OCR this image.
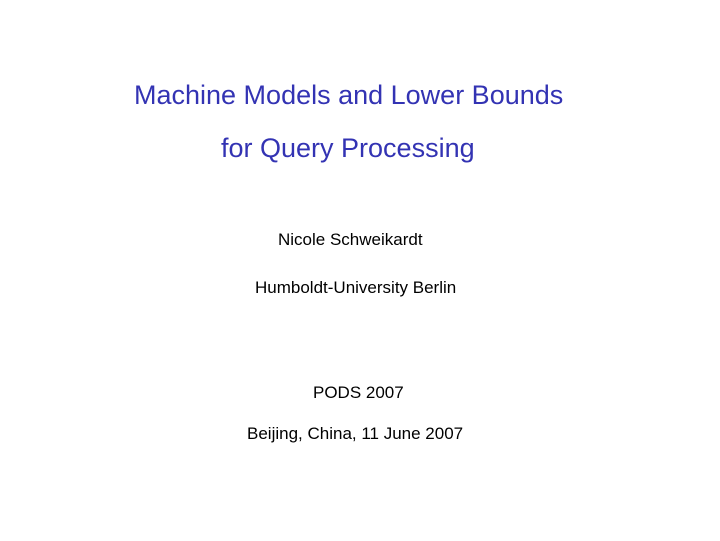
Machine Models and Lower Bounds
for Query Processing
Nicole Schweikardt
Humboldt-University Berlin
PODS 2007
Beijing, China, 11 June 2007
